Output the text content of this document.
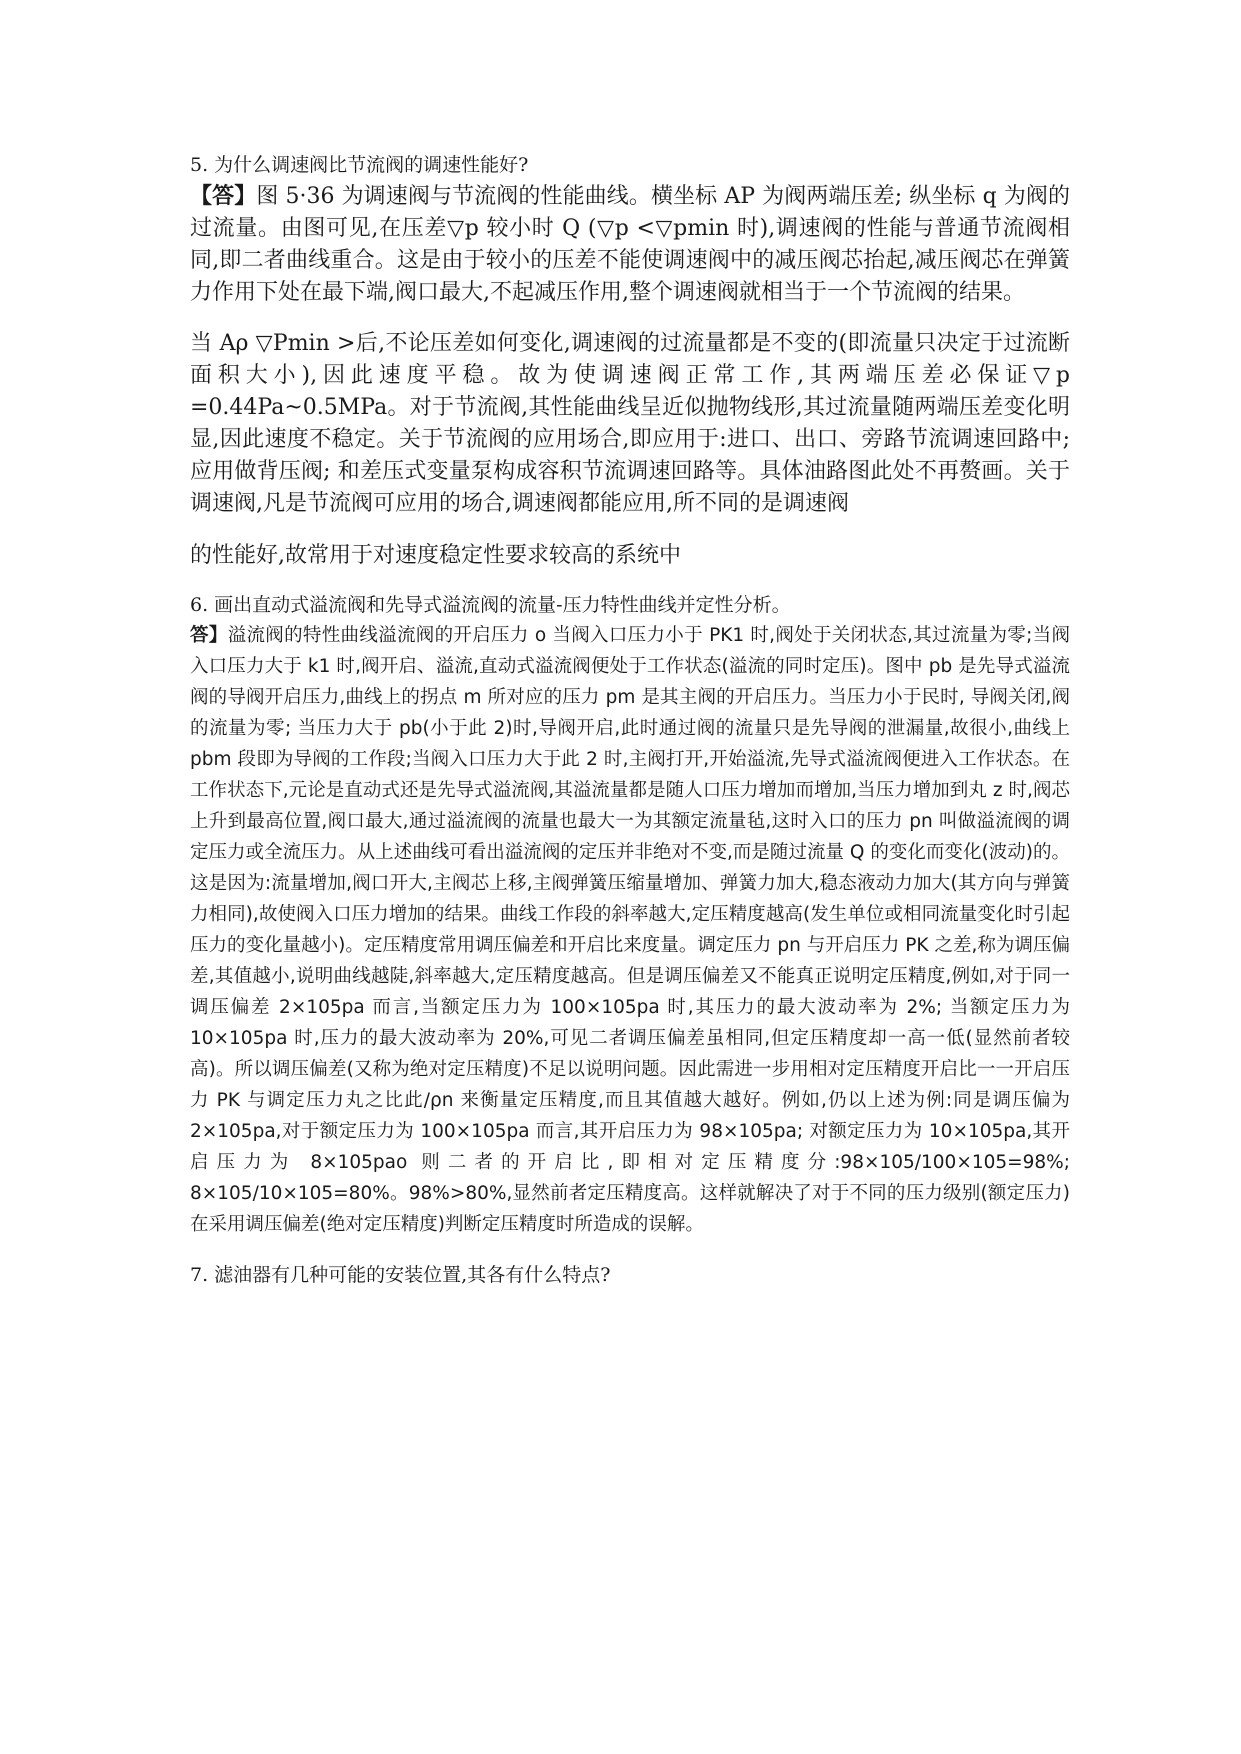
5. 为什么调速阀比节流阀的调速性能好?

【答】图 5·36 为调速阀与节流阀的性能曲线。横坐标 AP 为阀两端压差; 纵坐标 q 为阀的过流量。由图可见,在压差▽p 较小时 Q (▽p <▽pmin 时),调速阀的性能与普通节流阀相同,即二者曲线重合。这是由于较小的压差不能使调速阀中的减压阀芯抬起,减压阀芯在弹簧力作用下处在最下端,阀口最大,不起减压作用,整个调速阀就相当于一个节流阀的结果。

当 Aρ ▽Pmin >后,不论压差如何变化,调速阀的过流量都是不变的(即流量只决定于过流断面积大小),因此速度平稳。故为使调速阀正常工作,其两端压差必保证▽p =0.44Pa~0.5MPa。对于节流阀,其性能曲线呈近似抛物线形,其过流量随两端压差变化明显,因此速度不稳定。关于节流阀的应用场合,即应用于:进口、出口、旁路节流调速回路中; 应用做背压阀; 和差压式变量泵构成容积节流调速回路等。具体油路图此处不再赘画。关于调速阀,凡是节流阀可应用的场合,调速阀都能应用,所不同的是调速阀

的性能好,故常用于对速度稳定性要求较高的系统中

6. 画出直动式溢流阀和先导式溢流阀的流量-压力特性曲线并定性分析。

答】溢流阀的特性曲线溢流阀的开启压力 o 当阀入口压力小于 PK1 时,阀处于关闭状态,其过流量为零;当阀入口压力大于 k1 时,阀开启、溢流,直动式溢流阀便处于工作状态(溢流的同时定压)。图中 pb 是先导式溢流阀的导阀开启压力,曲线上的拐点 m 所对应的压力 pm 是其主阀的开启压力。当压力小于民时, 导阀关闭,阀的流量为零; 当压力大于 pb(小于此 2)时,导阀开启,此时通过阀的流量只是先导阀的泄漏量,故很小,曲线上 pbm 段即为导阀的工作段;当阀入口压力大于此 2 时,主阀打开,开始溢流,先导式溢流阀便进入工作状态。在工作状态下,元论是直动式还是先导式溢流阀,其溢流量都是随人口压力增加而增加,当压力增加到丸 z 时,阀芯上升到最高位置,阀口最大,通过溢流阀的流量也最大一为其额定流量毡,这时入口的压力 pn 叫做溢流阀的调定压力或全流压力。从上述曲线可看出溢流阀的定压并非绝对不变,而是随过流量 Q 的变化而变化(波动)的。这是因为:流量增加,阀口开大,主阀芯上移,主阀弹簧压缩量增加、弹簧力加大,稳态液动力加大(其方向与弹簧力相同),故使阀入口压力增加的结果。曲线工作段的斜率越大,定压精度越高(发生单位或相同流量变化时引起压力的变化量越小)。定压精度常用调压偏差和开启比来度量。调定压力 pn 与开启压力 PK 之差,称为调压偏差,其值越小,说明曲线越陡,斜率越大,定压精度越高。但是调压偏差又不能真正说明定压精度,例如,对于同一调压偏差 2×105pa 而言,当额定压力为 100×105pa 时,其压力的最大波动率为 2%; 当额定压力为 10×105pa 时,压力的最大波动率为 20%,可见二者调压偏差虽相同,但定压精度却一高一低(显然前者较高)。所以调压偏差(又称为绝对定压精度)不足以说明问题。因此需进一步用相对定压精度开启比一一开启压力 PK 与调定压力丸之比此/ρn 来衡量定压精度,而且其值越大越好。例如,仍以上述为例:同是调压偏为 2×105pa,对于额定压力为 100×105pa 而言,其开启压力为 98×105pa; 对额定压力为 10×105pa,其开启压力为 8×105pao 则二者的开启比,即相对定压精度分:98×105/100×105=98%; 8×105/10×105=80%。98%>80%,显然前者定压精度高。这样就解决了对于不同的压力级别(额定压力)在采用调压偏差(绝对定压精度)判断定压精度时所造成的误解。

7. 滤油器有几种可能的安装位置,其各有什么特点?
